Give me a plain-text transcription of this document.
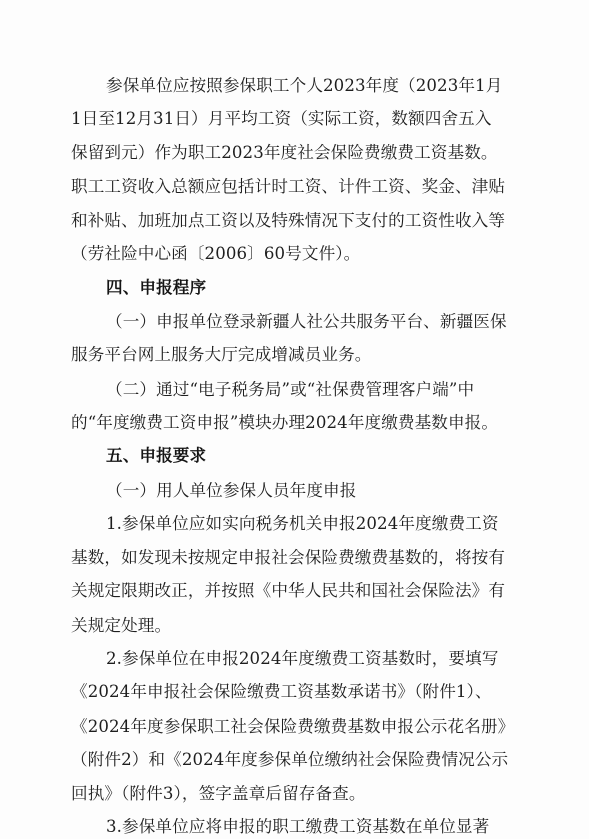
参保单位应按照参保职工个人2023年度（2023年1月
1日至12月31日）月平均工资（实际工资，数额四舍五入
保留到元）作为职工2023年度社会保险费缴费工资基数。
职工工资收入总额应包括计时工资、计件工资、奖金、津贴
和补贴、加班加点工资以及特殊情况下支付的工资性收入等
（劳社险中心函〔2006〕60号文件）。
四、申报程序
（一）申报单位登录新疆人社公共服务平台、新疆医保
服务平台网上服务大厅完成增减员业务。
（二）通过“电子税务局”或“社保费管理客户端”中
的“年度缴费工资申报”模块办理2024年度缴费基数申报。
五、申报要求
（一）用人单位参保人员年度申报
1.参保单位应如实向税务机关申报2024年度缴费工资
基数，如发现未按规定申报社会保险费缴费基数的，将按有
关规定限期改正，并按照《中华人民共和国社会保险法》有
关规定处理。
2.参保单位在申报2024年度缴费工资基数时，要填写
《2024年申报社会保险缴费工资基数承诺书》（附件1）、
《2024年度参保职工社会保险费缴费基数申报公示花名册》
（附件2）和《2024年度参保单位缴纳社会保险费情况公示
回执》（附件3），签字盖章后留存备查。
3.参保单位应将申报的职工缴费工资基数在单位显著
